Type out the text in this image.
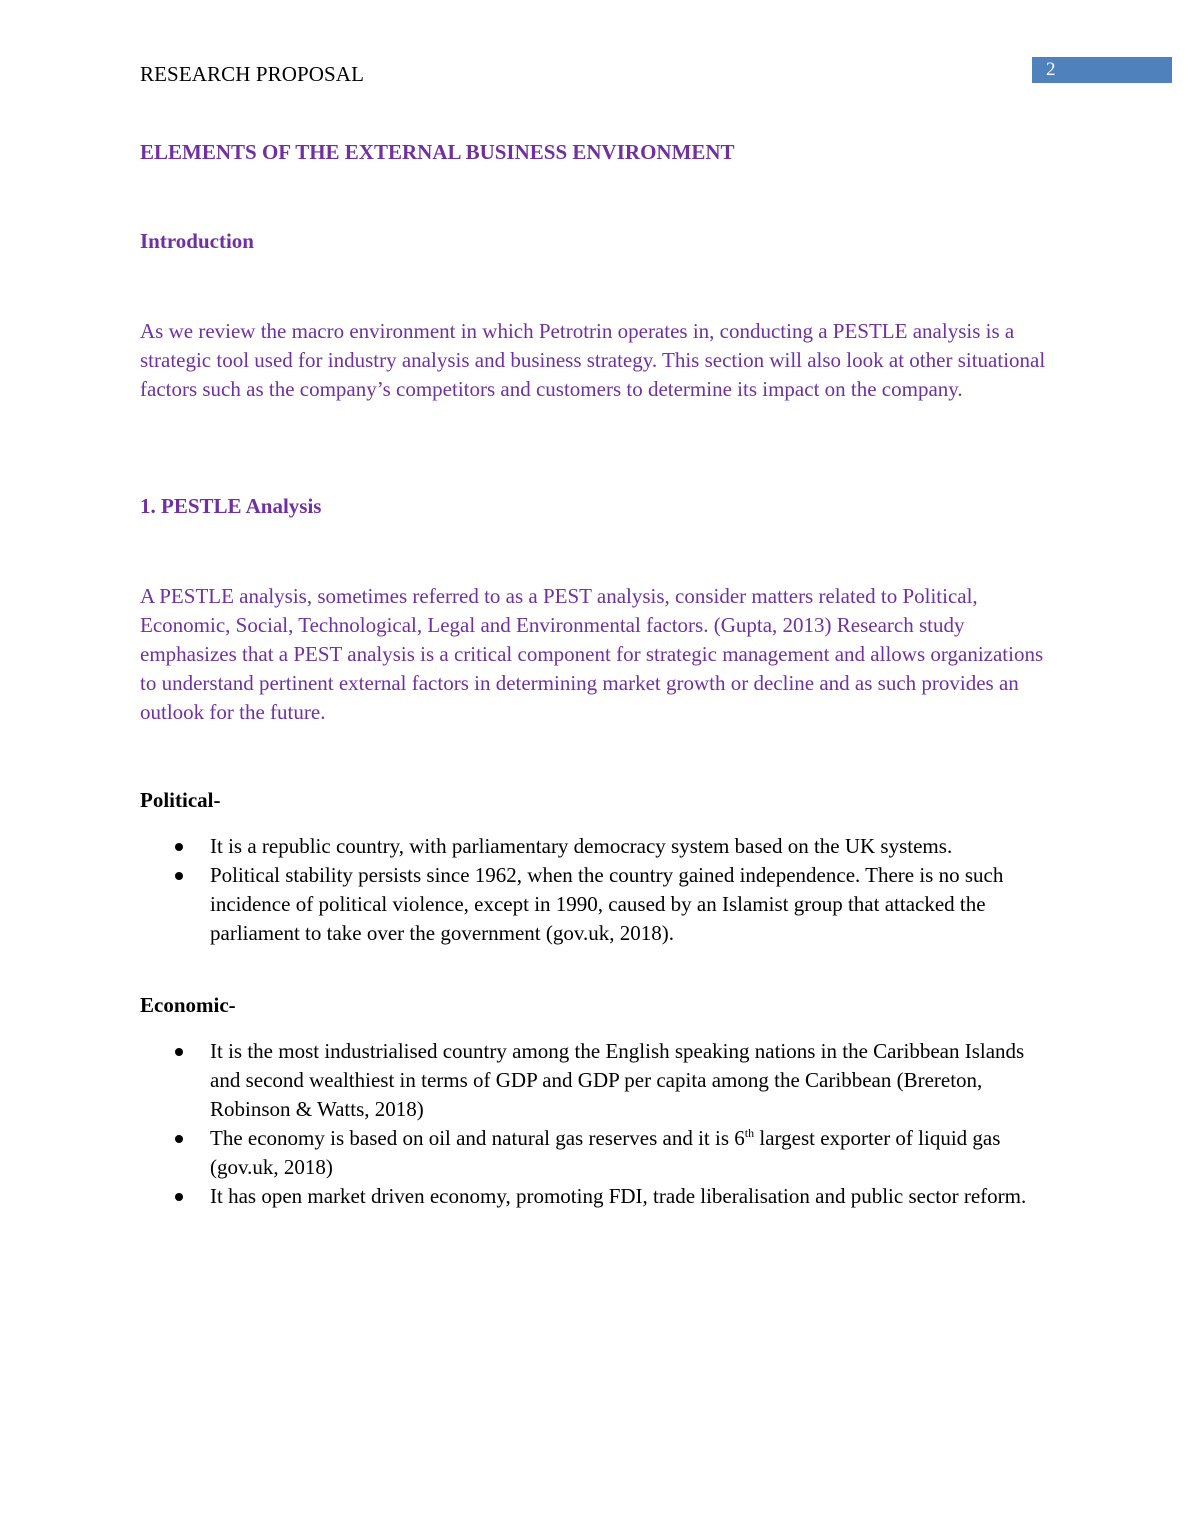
RESEARCH PROPOSAL	2
ELEMENTS OF THE EXTERNAL BUSINESS ENVIRONMENT
Introduction
As we review the macro environment in which Petrotrin operates in, conducting a PESTLE analysis is a strategic tool used for industry analysis and business strategy. This section will also look at other situational factors such as the company’s competitors and customers to determine its impact on the company.
1. PESTLE Analysis
A PESTLE analysis, sometimes referred to as a PEST analysis, consider matters related to Political, Economic, Social, Technological, Legal and Environmental factors. (Gupta, 2013) Research study emphasizes that a PEST analysis is a critical component for strategic management and allows organizations to understand pertinent external factors in determining market growth or decline and as such provides an outlook for the future.
Political-
It is a republic country, with parliamentary democracy system based on the UK systems.
Political stability persists since 1962, when the country gained independence. There is no such incidence of political violence, except in 1990, caused by an Islamist group that attacked the parliament to take over the government (gov.uk, 2018).
Economic-
It is the most industrialised country among the English speaking nations in the Caribbean Islands and second wealthiest in terms of GDP and GDP per capita among the Caribbean (Brereton, Robinson & Watts, 2018)
The economy is based on oil and natural gas reserves and it is 6th largest exporter of liquid gas (gov.uk, 2018)
It has open market driven economy, promoting FDI, trade liberalisation and public sector reform.
